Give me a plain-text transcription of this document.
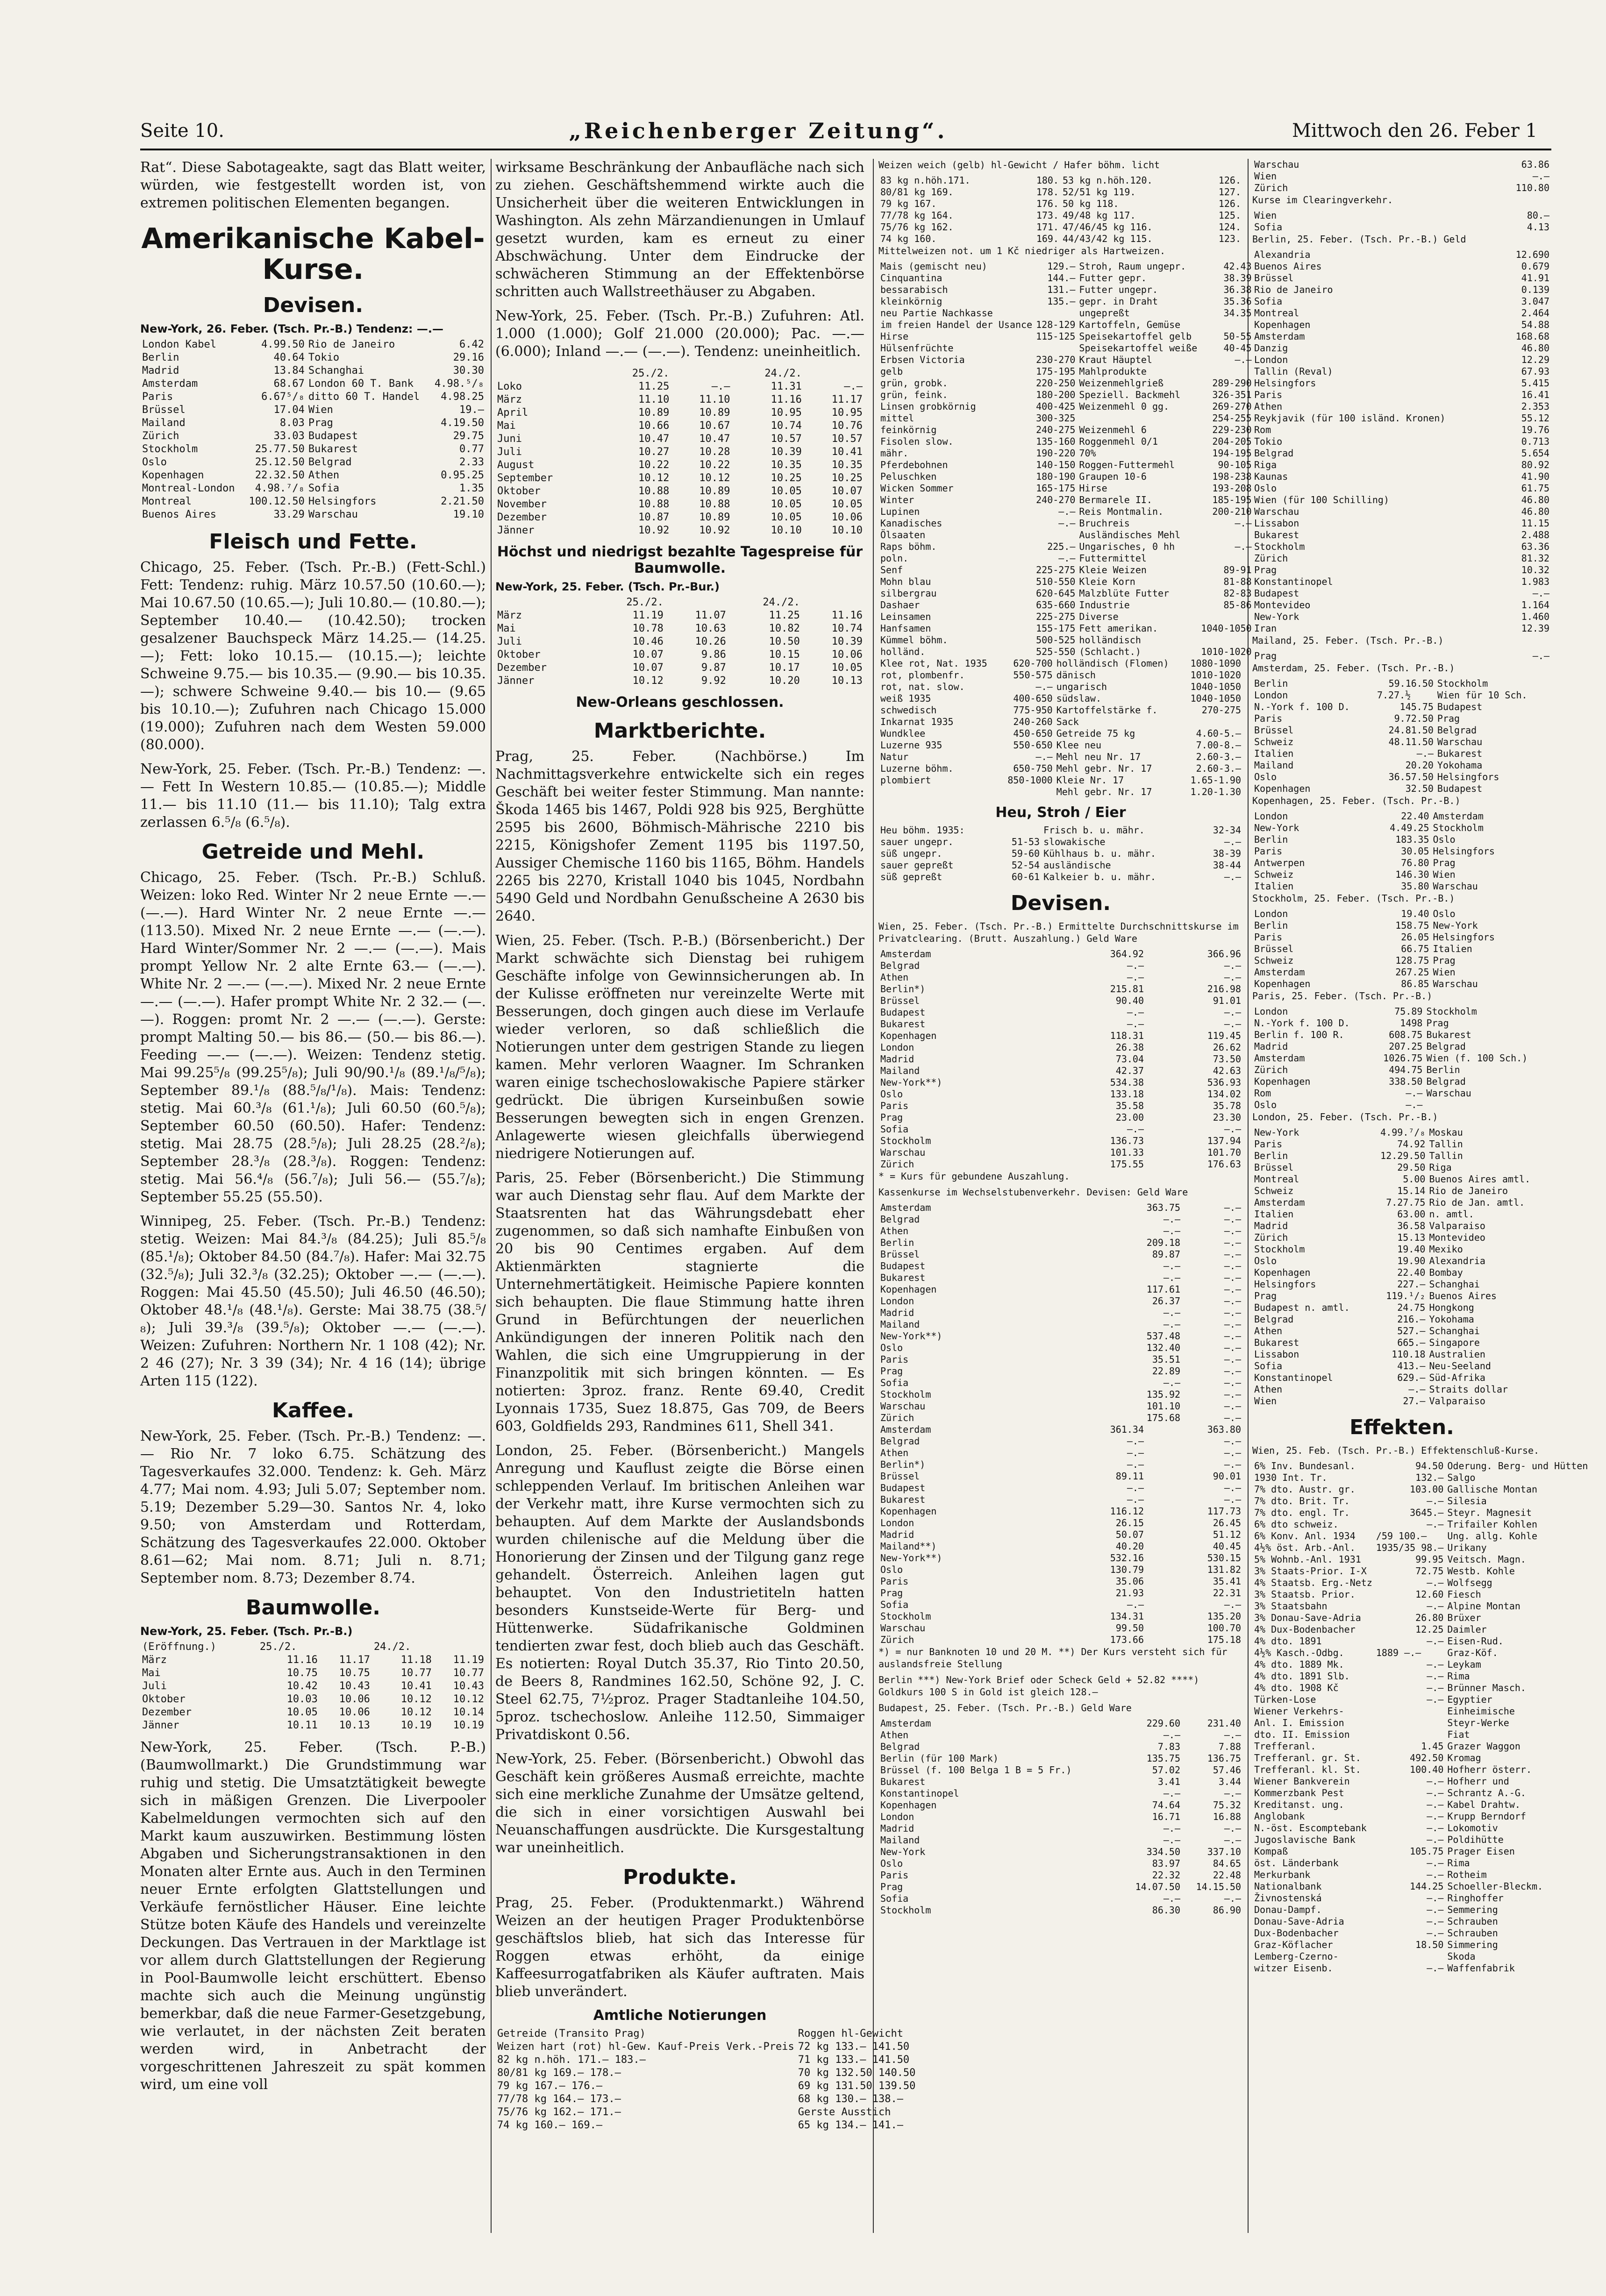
Seite 10.	„Reichenberger Zeitung“.	Mittwoch den 26. Feber 1

Rat“. Diese Sabotageakte, sagt das Blatt weiter, würden, wie festgestellt worden ist, von extremen politischen Elementen begangen.

Amerikanische Kabel-Kurse.
Devisen.
New-York, 26. Feber. (Tsch. Pr.-B.) Tendenz: —.—
London Kabel	4.99.50	Rio de Janeiro	6.42
Berlin	40.64	Tokio	29.16
Madrid	13.84	Schanghai	30.30
Amsterdam	68.67	London 60 T. Bank	4.98.⁵/₈
Paris	6.67⁵/₈	ditto 60 T. Handel	4.98.25
Brüssel	17.04	Wien	19.—
Mailand	8.03	Prag	4.19.50
Zürich	33.03	Budapest	29.75
Stockholm	25.77.50	Bukarest	0.77
Oslo	25.12.50	Belgrad	2.33
Kopenhagen	22.32.50	Athen	0.95.25
Montreal-London	4.98.⁷/₈	Sofia	1.35
Montreal	100.12.50	Helsingfors	2.21.50
Buenos Aires	33.29	Warschau	19.10
Fleisch und Fette.

Chicago, 25. Feber. (Tsch. Pr.-B.) (Fett-Schl.) Fett: Tendenz: ruhig. März 10.57.50 (10.60.—); Mai 10.67.50 (10.65.—); Juli 10.80.— (10.80.—); September 10.40.— (10.42.50); trocken gesalzener Bauchspeck März 14.25.— (14.25.—); Fett: loko 10.15.— (10.15.—); leichte Schweine 9.75.— bis 10.35.— (9.90.— bis 10.35.—); schwere Schweine 9.40.— bis 10.— (9.65 bis 10.10.—); Zufuhren nach Chicago 15.000 (19.000); Zufuhren nach dem Westen 59.000 (80.000).

New-York, 25. Feber. (Tsch. Pr.-B.) Tendenz: —.— Fett In Western 10.85.— (10.85.—); Middle 11.— bis 11.10 (11.— bis 11.10); Talg extra zerlassen 6.⁵/₈ (6.⁵/₈).

Getreide und Mehl.

Chicago, 25. Feber. (Tsch. Pr.-B.) Schluß. Weizen: loko Red. Winter Nr 2 neue Ernte —.— (—.—). Hard Winter Nr. 2 neue Ernte —.— (113.50). Mixed Nr. 2 neue Ernte —.— (—.—). Hard Winter/Sommer Nr. 2 —.— (—.—). Mais prompt Yellow Nr. 2 alte Ernte 63.— (—.—). White Nr. 2 —.— (—.—). Mixed Nr. 2 neue Ernte —.— (—.—). Hafer prompt White Nr. 2 32.— (—.—). Roggen: promt Nr. 2 —.— (—.—). Gerste: prompt Malting 50.— bis 86.— (50.— bis 86.—). Feeding —.— (—.—). Weizen: Tendenz stetig. Mai 99.25⁵/₈ (99.25⁵/₈); Juli 90/90.¹/₈ (89.¹/₈/⁵/₈); September 89.¹/₈ (88.⁵/₈/¹/₈). Mais: Tendenz: stetig. Mai 60.³/₈ (61.¹/₈); Juli 60.50 (60.⁵/₈); September 60.50 (60.50). Hafer: Tendenz: stetig. Mai 28.75 (28.⁵/₈); Juli 28.25 (28.²/₈); September 28.³/₈ (28.³/₈). Roggen: Tendenz: stetig. Mai 56.⁴/₈ (56.⁷/₈); Juli 56.— (55.⁷/₈); September 55.25 (55.50).

Winnipeg, 25. Feber. (Tsch. Pr.-B.) Tendenz: stetig. Weizen: Mai 84.³/₈ (84.25); Juli 85.⁵/₈ (85.¹/₈); Oktober 84.50 (84.⁷/₈). Hafer: Mai 32.75 (32.⁵/₈); Juli 32.³/₈ (32.25); Oktober —.— (—.—). Roggen: Mai 45.50 (45.50); Juli 46.50 (46.50); Oktober 48.¹/₈ (48.¹/₈). Gerste: Mai 38.75 (38.⁵/₈); Juli 39.³/₈ (39.⁵/₈); Oktober —.— (—.—). Weizen: Zufuhren: Northern Nr. 1 108 (42); Nr. 2 46 (27); Nr. 3 39 (34); Nr. 4 16 (14); übrige Arten 115 (122).

Kaffee.

New-York, 25. Feber. (Tsch. Pr.-B.) Tendenz: —.— Rio Nr. 7 loko 6.75. Schätzung des Tagesverkaufes 32.000. Tendenz: k. Geh. März 4.77; Mai nom. 4.93; Juli 5.07; September nom. 5.19; Dezember 5.29—30. Santos Nr. 4, loko 9.50; von Amsterdam und Rotterdam, Schätzung des Tagesverkaufes 22.000. Oktober 8.61—62; Mai nom. 8.71; Juli n. 8.71; September nom. 8.73; Dezember 8.74.

Baumwolle.
New-York, 25. Feber. (Tsch. Pr.-B.)
(Eröffnung.)	25./2.		24./2.	
März	11.16	11.17	11.18	11.19
Mai	10.75	10.75	10.77	10.77
Juli	10.42	10.43	10.41	10.43
Oktober	10.03	10.06	10.12	10.12
Dezember	10.05	10.06	10.12	10.14
Jänner	10.11	10.13	10.19	10.19

New-York, 25. Feber. (Tsch. P.-B.) (Baumwollmarkt.) Die Grundstimmung war ruhig und stetig. Die Umsatztätigkeit bewegte sich in mäßigen Grenzen. Die Liverpooler Kabelmeldungen vermochten sich auf den Markt kaum auszuwirken. Bestimmung lösten Abgaben und Sicherungstransaktionen in den Monaten alter Ernte aus. Auch in den Terminen neuer Ernte erfolgten Glattstellungen und Verkäufe fernöstlicher Häuser. Eine leichte Stütze boten Käufe des Handels und vereinzelte Deckungen. Das Vertrauen in der Marktlage ist vor allem durch Glattstellungen der Regierung in Pool-Baumwolle leicht erschüttert. Ebenso machte sich auch die Meinung ungünstig bemerkbar, daß die neue Farmer-Gesetzgebung, wie verlautet, in der nächsten Zeit beraten werden wird, in Anbetracht der vorgeschrittenen Jahreszeit zu spät kommen wird, um eine voll

wirksame Beschränkung der Anbaufläche nach sich zu ziehen. Geschäftshemmend wirkte auch die Unsicherheit über die weiteren Entwicklungen in Washington. Als zehn Märzandienungen in Umlauf gesetzt wurden, kam es erneut zu einer Abschwächung. Unter dem Eindrucke der schwächeren Stimmung an der Effektenbörse schritten auch Wallstreethäuser zu Abgaben.

New-York, 25. Feber. (Tsch. Pr.-B.) Zufuhren: Atl. 1.000 (1.000); Golf 21.000 (20.000); Pac. —.— (6.000); Inland —.— (—.—). Tendenz: uneinheitlich.

	25./2.		24./2.	
Loko	11.25	—.—	11.31	—.—
März	11.10	11.10	11.16	11.17
April	10.89	10.89	10.95	10.95
Mai	10.66	10.67	10.74	10.76
Juni	10.47	10.47	10.57	10.57
Juli	10.27	10.28	10.39	10.41
August	10.22	10.22	10.35	10.35
September	10.12	10.12	10.25	10.25
Oktober	10.88	10.89	10.05	10.07
November	10.88	10.88	10.05	10.05
Dezember	10.87	10.89	10.05	10.06
Jänner	10.92	10.92	10.10	10.10
Höchst und niedrigst bezahlte Tagespreise für Baumwolle.
New-York, 25. Feber. (Tsch. Pr.-Bur.)
	25./2.		24./2.	
März	11.19	11.07	11.25	11.16
Mai	10.78	10.63	10.82	10.74
Juli	10.46	10.26	10.50	10.39
Oktober	10.07	9.86	10.15	10.06
Dezember	10.07	9.87	10.17	10.05
Jänner	10.12	9.92	10.20	10.13
New-Orleans geschlossen.
Marktberichte.

Prag, 25. Feber. (Nachbörse.) Im Nachmittagsverkehre entwickelte sich ein reges Geschäft bei weiter fester Stimmung. Man nannte: Škoda 1465 bis 1467, Poldi 928 bis 925, Berghütte 2595 bis 2600, Böhmisch-Mährische 2210 bis 2215, Königshofer Zement 1195 bis 1197.50, Aussiger Chemische 1160 bis 1165, Böhm. Handels 2265 bis 2270, Kristall 1040 bis 1045, Nordbahn 5490 Geld und Nordbahn Genußscheine A 2630 bis 2640.

Wien, 25. Feber. (Tsch. P.-B.) (Börsenbericht.) Der Markt schwächte sich Dienstag bei ruhigem Geschäfte infolge von Gewinnsicherungen ab. In der Kulisse eröffneten nur vereinzelte Werte mit Besserungen, doch gingen auch diese im Verlaufe wieder verloren, so daß schließlich die Notierungen unter dem gestrigen Stande zu liegen kamen. Mehr verloren Waagner. Im Schranken waren einige tschechoslowakische Papiere stärker gedrückt. Die übrigen Kurseinbußen sowie Besserungen bewegten sich in engen Grenzen. Anlagewerte wiesen gleichfalls überwiegend niedrigere Notierungen auf.

Paris, 25. Feber (Börsenbericht.) Die Stimmung war auch Dienstag sehr flau. Auf dem Markte der Staatsrenten hat das Währungsdebatt eher zugenommen, so daß sich namhafte Einbußen von 20 bis 90 Centimes ergaben. Auf dem Aktienmärkten stagnierte die Unternehmertätigkeit. Heimische Papiere konnten sich behaupten. Die flaue Stimmung hatte ihren Grund in Befürchtungen der neuerlichen Ankündigungen der inneren Politik nach den Wahlen, die sich eine Umgruppierung in der Finanzpolitik mit sich bringen könnten. — Es notierten: 3proz. franz. Rente 69.40, Credit Lyonnais 1735, Suez 18.875, Gas 709, de Beers 603, Goldfields 293, Randmines 611, Shell 341.

London, 25. Feber. (Börsenbericht.) Mangels Anregung und Kauflust zeigte die Börse einen schleppenden Verlauf. Im britischen Anleihen war der Verkehr matt, ihre Kurse vermochten sich zu behaupten. Auf dem Markte der Auslandsbonds wurden chilenische auf die Meldung über die Honorierung der Zinsen und der Tilgung ganz rege gehandelt. Österreich. Anleihen lagen gut behauptet. Von den Industrietiteln hatten besonders Kunstseide-Werte für Berg- und Hüttenwerke. Südafrikanische Goldminen tendierten zwar fest, doch blieb auch das Geschäft. Es notierten: Royal Dutch 35.37, Rio Tinto 20.50, de Beers 8, Randmines 162.50, Schöne 92, J. C. Steel 62.75, 7½proz. Prager Stadtanleihe 104.50, 5proz. tschechoslow. Anleihe 112.50, Simmaiger Privatdiskont 0.56.

New-York, 25. Feber. (Börsenbericht.) Obwohl das Geschäft kein größeres Ausmaß erreichte, machte sich eine merkliche Zunahme der Umsätze geltend, die sich in einer vorsichtigen Auswahl bei Neuanschaffungen ausdrückte. Die Kursgestaltung war uneinheitlich.

Produkte.

Prag, 25. Feber. (Produktenmarkt.) Während Weizen an der heutigen Prager Produktenbörse geschäftslos blieb, hat sich das Interesse für Roggen etwas erhöht, da einige Kaffeesurrogatfabriken als Käufer auftraten. Mais blieb unverändert.

Amtliche Notierungen
Getreide (Transito Prag)	Roggen hl-Gewicht
Weizen hart (rot) hl-Gew. Kauf-Preis Verk.-Preis	72 kg 133.— 141.50
82 kg n.höh. 171.— 183.—	71 kg 133.— 141.50
80/81 kg 169.— 178.—	70 kg 132.50 140.50
79 kg 167.— 176.—	69 kg 131.50 139.50
77/78 kg 164.— 173.—	68 kg 130.— 138.—
75/76 kg 162.— 171.—	Gerste Ausstich
74 kg 160.— 169.—	65 kg 134.— 141.—
Weizen weich (gelb) hl-Gewicht / Hafer böhm. licht
83 kg n.höh.171.	180.	53 kg n.höh.120.	126.
80/81 kg 169.	178.	52/51 kg 119.	127.
79 kg 167.	176.	50 kg 118.	126.
77/78 kg 164.	173.	49/48 kg 117.	125.
75/76 kg 162.	171.	47/46/45 kg 116.	124.
74 kg 160.	169.	44/43/42 kg 115.	123.
Mittelweizen not. um 1 Kč niedriger als Hartweizen.
Mais (gemischt neu)	129.—	Stroh, Raum ungepr.	42.43
Cinquantina	144.—	Futter gepr.	38.39
bessarabisch	131.—	Futter ungepr.	36.38
kleinkörnig	135.—	gepr. in Draht	35.36
neu Partie Nachkasse		ungepreßt	34.35
im freien Handel der Usance	128-129	Kartoffeln, Gemüse	
Hirse	115-125	Speisekartoffel gelb	50-55
Hülsenfrüchte		Speisekartoffel weiße	40-45
Erbsen Victoria	230-270	Kraut Häuptel	—.—
gelb	175-195	Mahlprodukte	
grün, grobk.	220-250	Weizenmehlgrieß	289-290
grün, feink.	180-200	Speziell. Backmehl	326-351
Linsen grobkörnig	400-425	Weizenmehl 0 gg.	269-270
mittel	300-325		254-255
feinkörnig	240-275	Weizenmehl 6	229-230
Fisolen slow.	135-160	Roggenmehl 0/1	204-205
mähr.	190-220	70%	194-195
Pferdebohnen	140-150	Roggen-Futtermehl	90-105
Peluschken	180-190	Graupen 10-6	198-238
Wicken Sommer	165-175	Hirse	193-208
Winter	240-270	Bermarele II.	185-195
Lupinen	—.—	Reis Montmalin.	200-210
Kanadisches	—.—	Bruchreis	—.—
Ölsaaten		Ausländisches Mehl	
Raps böhm.	225.—	Ungarisches, 0 hh	—.—
poln.	—.—	Futtermittel	
Senf	225-275	Kleie Weizen	89-91
Mohn blau	510-550	Kleie Korn	81-88
silbergrau	620-645	Malzblüte Futter	82-83
Dashaer	635-660	Industrie	85-86
Leinsamen	225-275	Diverse	
Hanfsamen	155-175	Fett amerikan.	1040-1050
Kümmel böhm.	500-525	holländisch	
holländ.	525-550	(Schlacht.)	1010-1020
Klee rot, Nat. 1935	620-700	holländisch (Flomen)	1080-1090
rot, plombenfr.	550-575	dänisch	1010-1020
rot, nat. slow.	—.—	ungarisch	1040-1050
weiß 1935	400-650	südslaw.	1040-1050
schwedisch	775-950	Kartoffelstärke f.	270-275
Inkarnat 1935	240-260	Sack	
Wundklee	450-650	Getreide 75 kg	4.60-5.—
Luzerne 935	550-650	Klee neu	7.00-8.—
Natur	—.—	Mehl neu Nr. 17	2.60-3.—
Luzerne böhm.	650-750	Mehl gebr. Nr. 17	2.60-3.—
plombiert	850-1000	Kleie Nr. 17	1.65-1.90
		Mehl gebr. Nr. 17	1.20-1.30
Heu, Stroh / Eier
Heu böhm. 1935:		Frisch b. u. mähr.	32-34
sauer ungepr.	51-53	slowakische	—.—
süß ungepr.	59-60	Kühlhaus b. u. mähr.	38-39
sauer gepreßt	52-54	ausländische	38-44
süß gepreßt	60-61	Kalkeier b. u. mähr.	—.—
Devisen.
Wien, 25. Feber. (Tsch. Pr.-B.) Ermittelte Durchschnittskurse im Privatclearing. (Brutt. Auszahlung.) Geld Ware
Amsterdam	364.92	366.96
Belgrad	—.—	—.—
Athen	—.—	—.—
Berlin*)	215.81	216.98
Brüssel	90.40	91.01
Budapest	—.—	—.—
Bukarest	—.—	—.—
Kopenhagen	118.31	119.45
London	26.38	26.62
Madrid	73.04	73.50
Mailand	42.37	42.63
New-York**)	534.38	536.93
Oslo	133.18	134.02
Paris	35.58	35.78
Prag	23.00	23.30
Sofia	—.—	—.—
Stockholm	136.73	137.94
Warschau	101.33	101.70
Zürich	175.55	176.63
* = Kurs für gebundene Auszahlung.
Kassenkurse im Wechselstubenverkehr. Devisen: Geld Ware
Amsterdam	363.75	—.—
Belgrad	—.—	—.—
Athen	—.—	—.—
Berlin	209.18	—.—
Brüssel	89.87	—.—
Budapest	—.—	—.—
Bukarest	—.—	—.—
Kopenhagen	117.61	—.—
London	26.37	—.—
Madrid	—.—	—.—
Mailand	—.—	—.—
New-York**)	537.48	—.—
Oslo	132.40	—.—
Paris	35.51	—.—
Prag	22.89	—.—
Sofia	—.—	—.—
Stockholm	135.92	—.—
Warschau	101.10	—.—
Zürich	175.68	—.—
Amsterdam	361.34	363.80
Belgrad	—.—	—.—
Athen	—.—	—.—
Berlin*)	—.—	—.—
Brüssel	89.11	90.01
Budapest	—.—	—.—
Bukarest	—.—	—.—
Kopenhagen	116.12	117.73
London	26.15	26.45
Madrid	50.07	51.12
Mailand**)	40.20	40.45
New-York**)	532.16	530.15
Oslo	130.79	131.82
Paris	35.06	35.41
Prag	21.93	22.31
Sofia	—.—	—.—
Stockholm	134.31	135.20
Warschau	99.50	100.70
Zürich	173.66	175.18
*) = nur Banknoten 10 und 20 M. **) Der Kurs versteht sich für auslandsfreie Stellung
Berlin ***) New-York Brief oder Scheck Geld + 52.82 ****) Goldkurs 100 S in Gold ist gleich 128.—
Budapest, 25. Feber. (Tsch. Pr.-B.) Geld Ware
Amsterdam	229.60	231.40
Athen	—.—	—.—
Belgrad	7.83	7.88
Berlin (für 100 Mark)	135.75	136.75
Brüssel (f. 100 Belga 1 B = 5 Fr.)	57.02	57.46
Bukarest	3.41	3.44
Konstantinopel	—.—	—.—
Kopenhagen	74.64	75.32
London	16.71	16.88
Madrid	—.—	—.—
Mailand	—.—	—.—
New-York	334.50	337.10
Oslo	83.97	84.65
Paris	22.32	22.48
Prag	14.07.50	14.15.50
Sofia	—.—	—.—
Stockholm	86.30	86.90
Warschau	63.86
Wien	—.—
Zürich	110.80
Kurse im Clearingverkehr.
Wien	80.—
Sofia	4.13
Berlin, 25. Feber. (Tsch. Pr.-B.) Geld
Alexandria	12.690
Buenos Aires	0.679
Brüssel	41.91
Rio de Janeiro	0.139
Sofia	3.047
Montreal	2.464
Kopenhagen	54.88
Amsterdam	168.68
Danzig	46.80
London	12.29
Tallin (Reval)	67.93
Helsingfors	5.415
Paris	16.41
Athen	2.353
Reykjavik (für 100 isländ. Kronen)	55.12
Rom	19.76
Tokio	0.713
Belgrad	5.654
Riga	80.92
Kaunas	41.90
Oslo	61.75
Wien (für 100 Schilling)	46.80
Warschau	46.80
Lissabon	11.15
Bukarest	2.488
Stockholm	63.36
Zürich	81.32
Prag	10.32
Konstantinopel	1.983
Budapest	—.—
Montevideo	1.164
New-York	1.460
Iran	12.39
Mailand, 25. Feber. (Tsch. Pr.-B.)
Prag	—.—
Amsterdam, 25. Feber. (Tsch. Pr.-B.)
Berlin	59.16.50	Stockholm
London	7.27.½	Wien für 10 Sch.
N.-York f. 100 D.	145.75	Budapest
Paris	9.72.50	Prag
Brüssel	24.81.50	Belgrad
Schweiz	48.11.50	Warschau
Italien	—.—	Bukarest
Mailand	20.20	Yokohama
Oslo	36.57.50	Helsingfors
Kopenhagen	32.50	Budapest
Kopenhagen, 25. Feber. (Tsch. Pr.-B.)
London	22.40	Amsterdam
New-York	4.49.25	Stockholm
Berlin	183.35	Oslo
Paris	30.05	Helsingfors
Antwerpen	76.80	Prag
Schweiz	146.30	Wien
Italien	35.80	Warschau
Stockholm, 25. Feber. (Tsch. Pr.-B.)
London	19.40	Oslo
Berlin	158.75	New-York
Paris	26.05	Helsingfors
Brüssel	66.75	Italien
Schweiz	128.75	Prag
Amsterdam	267.25	Wien
Kopenhagen	86.85	Warschau
Paris, 25. Feber. (Tsch. Pr.-B.)
London	75.89	Stockholm
N.-York f. 100 D.	1498	Prag
Berlin f. 100 R.	608.75	Bukarest
Madrid	207.25	Belgrad
Amsterdam	1026.75	Wien (f. 100 Sch.)
Zürich	494.75	Berlin
Kopenhagen	338.50	Belgrad
Rom	—.—	Warschau
Oslo	—.—	
London, 25. Feber. (Tsch. Pr.-B.)
New-York	4.99.⁷/₈	Moskau
Paris	74.92	Tallin
Berlin	12.29.50	Tallin
Brüssel	29.50	Riga
Montreal	5.00	Buenos Aires amtl.
Schweiz	15.14	Rio de Janeiro
Amsterdam	7.27.75	Rio de Jan. amtl.
Italien	63.00	n. amtl.
Madrid	36.58	Valparaiso
Zürich	15.13	Montevideo
Stockholm	19.40	Mexiko
Oslo	19.90	Alexandria
Kopenhagen	22.40	Bombay
Helsingfors	227.—	Schanghai
Prag	119.¹/₂	Buenos Aires
Budapest n. amtl.	24.75	Hongkong
Belgrad	216.—	Yokohama
Athen	527.—	Schanghai
Bukarest	665.—	Singapore
Lissabon	110.18	Australien
Sofia	413.—	Neu-Seeland
Konstantinopel	629.—	Süd-Afrika
Athen	—.—	Straits dollar
Wien	27.—	Valparaiso
Effekten.
Wien, 25. Feb. (Tsch. Pr.-B.) Effektenschluß-Kurse.
6% Inv. Bundesanl.	94.50	Oderung. Berg- und Hütten
1930 Int. Tr.	132.—	Salgo
7% dto. Austr. gr.	103.00	Gallische Montan
7% dto. Brit. Tr.	—.—	Silesia
7% dto. engl. Tr.	3645.—	Steyr. Magnesit
6% dto schweiz.	—.—	Trifailer Kohlen
6% Konv. Anl. 1934	/59 100.—	Ung. allg. Kohle
4½% öst. Arb.-Anl.	1935/35 98.—	Urikany
5% Wohnb.-Anl. 1931	99.95	Veitsch. Magn.
3% Staats-Prior. I-X	72.75	Westb. Kohle
4% Staatsb. Erg.-Netz	—.—	Wolfsegg
3% Staatsb. Prior.	12.60	Fiesch
3% Staatsbahn	—.—	Alpine Montan
3% Donau-Save-Adria	26.80	Brüxer
4% Dux-Bodenbacher	12.25	Daimler
4% dto. 1891	—.—	Eisen-Rud.
4½% Kasch.-Odbg.	1889 —.—	Graz-Köf.
4% dto. 1889 Mk.	—.—	Leykam
4% dto. 1891 Slb.	—.—	Rima
4% dto. 1908 Kč	—.—	Brünner Masch.
Türken-Lose	—.—	Egyptier
Wiener Verkehrs-		Einheimische
Anl. I. Emission		Steyr-Werke
dto. II. Emission		Fiat
Trefferanl.	1.45	Grazer Waggon
Trefferanl. gr. St.	492.50	Kromag
Trefferanl. kl. St.	100.40	Hofherr österr.
Wiener Bankverein	—.—	Hofherr und
Kommerzbank Pest	—.—	Schrantz A.-G.
Kreditanst. ung.	—.—	Kabel Drahtw.
Anglobank	—.—	Krupp Berndorf
N.-öst. Escomptebank	—.—	Lokomotiv
Jugoslavische Bank	—.—	Poldihütte
Kompaß	105.75	Prager Eisen
öst. Länderbank	—.—	Rima
Merkurbank	—.—	Rotheim
Nationalbank	144.25	Schoeller-Bleckm.
Živnostenská	—.—	Ringhoffer
Donau-Dampf.	—.—	Semmering
Donau-Save-Adria	—.—	Schrauben
Dux-Bodenbacher	—.—	Schrauben
Graz-Köflacher	18.50	Simmering
Lemberg-Czerno-		Skoda
witzer Eisenb.	—.—	Waffenfabrik
